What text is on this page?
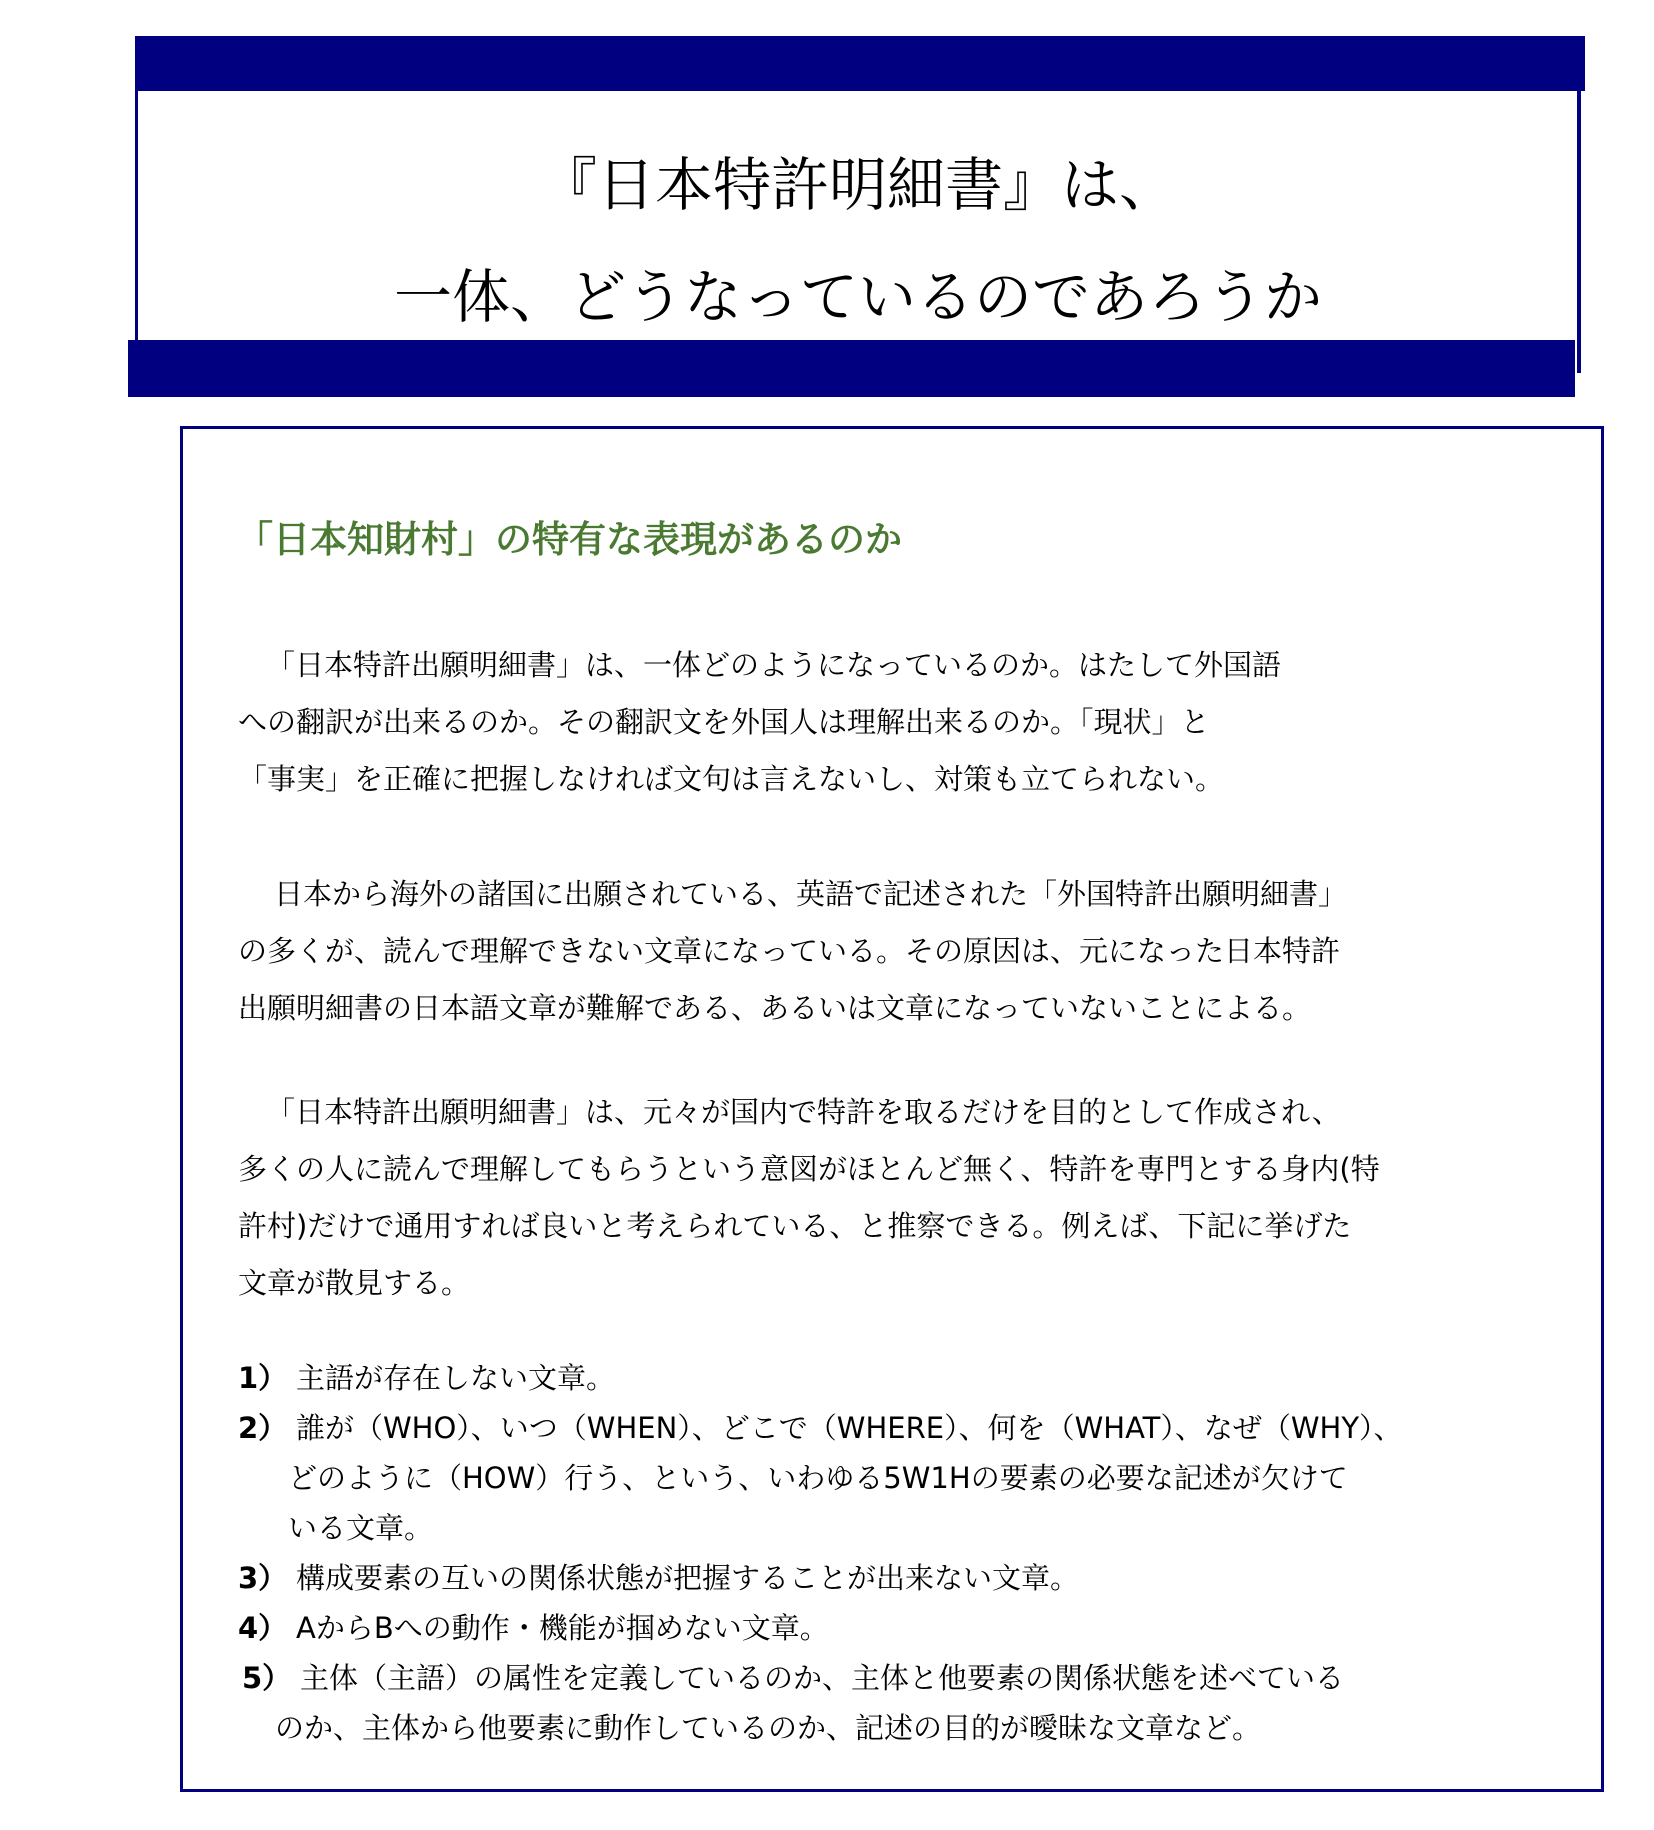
『日本特許明細書』は、
一体、どうなっているのであろうか
「日本知財村」の特有な表現があるのか
「日本特許出願明細書」は、一体どのようになっているのか。はたして外国語
への翻訳が出来るのか。その翻訳文を外国人は理解出来るのか。「現状」と
「事実」を正確に把握しなければ文句は言えないし、対策も立てられない。
日本から海外の諸国に出願されている、英語で記述された「外国特許出願明細書」
の多くが、読んで理解できない文章になっている。その原因は、元になった日本特許
出願明細書の日本語文章が難解である、あるいは文章になっていないことによる。
「日本特許出願明細書」は、元々が国内で特許を取るだけを目的として作成され、
多くの人に読んで理解してもらうという意図がほとんど無く、特許を専門とする身内(特
許村)だけで通用すれば良いと考えられている、と推察できる。例えば、下記に挙げた
文章が散見する。
1） 主語が存在しない文章。
2） 誰が（WHO）、いつ（WHEN）、どこで（WHERE）、何を（WHAT）、なぜ（WHY）、
どのように（HOW）行う、という、いわゆる5W1Hの要素の必要な記述が欠けて
いる文章。
3） 構成要素の互いの関係状態が把握することが出来ない文章。
4） AからBへの動作・機能が掴めない文章。
5） 主体（主語）の属性を定義しているのか、主体と他要素の関係状態を述べている
のか、主体から他要素に動作しているのか、記述の目的が曖昧な文章など。
